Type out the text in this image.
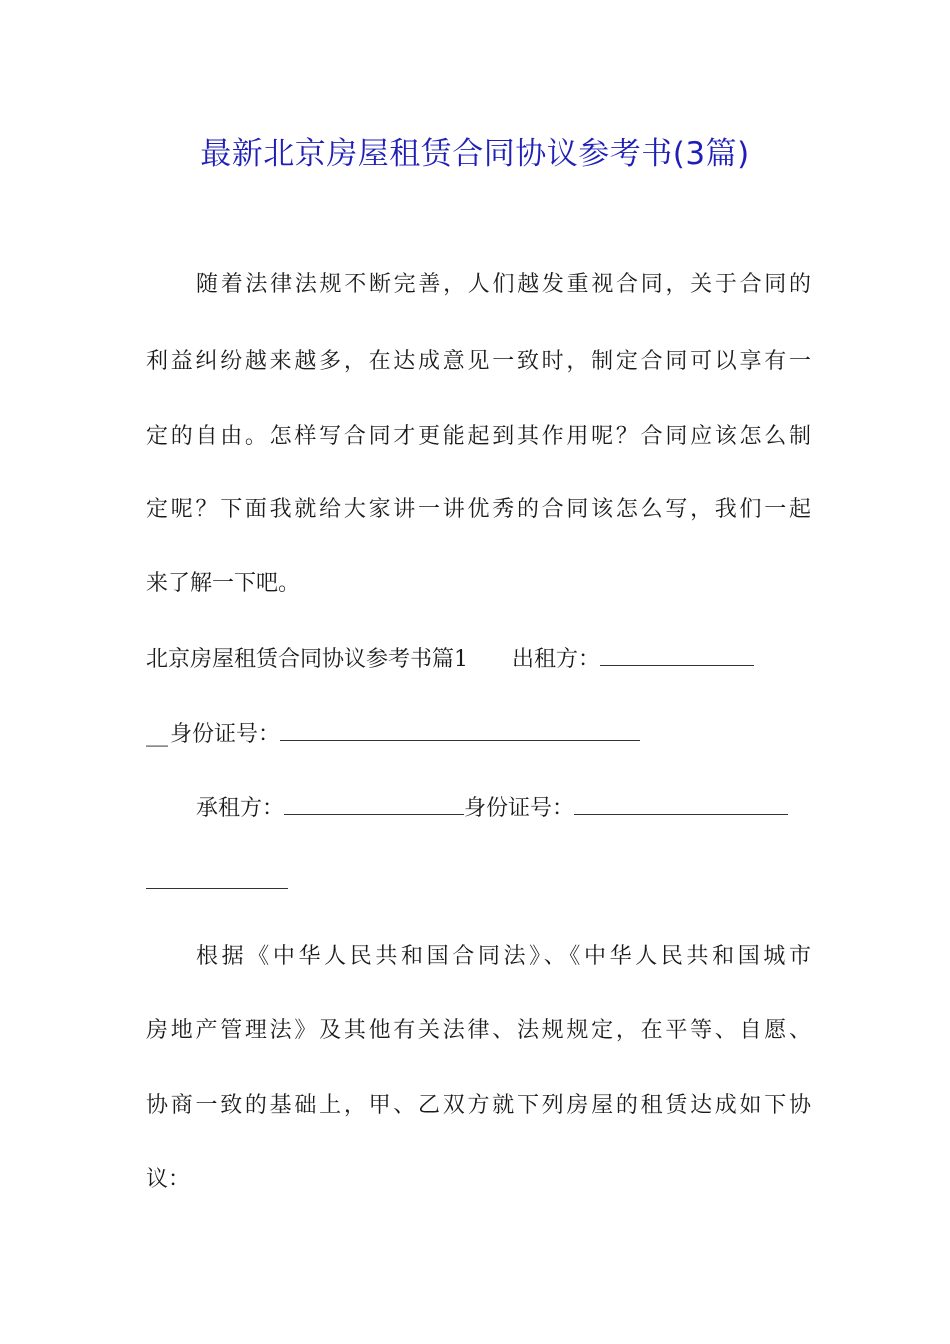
最新北京房屋租赁合同协议参考书(3篇)
随着法律法规不断完善，人们越发重视合同，关于合同的
利益纠纷越来越多，在达成意见一致时，制定合同可以享有一
定的自由。怎样写合同才更能起到其作用呢？合同应该怎么制
定呢？下面我就给大家讲一讲优秀的合同该怎么写，我们一起
来了解一下吧。
北京房屋租赁合同协议参考书篇1 出租方：
__身份证号：
承租方：	身份证号：
根据《中华人民共和国合同法》、《中华人民共和国城市
房地产管理法》及其他有关法律、法规规定，在平等、自愿、
协商一致的基础上，甲、乙双方就下列房屋的租赁达成如下协
议：
